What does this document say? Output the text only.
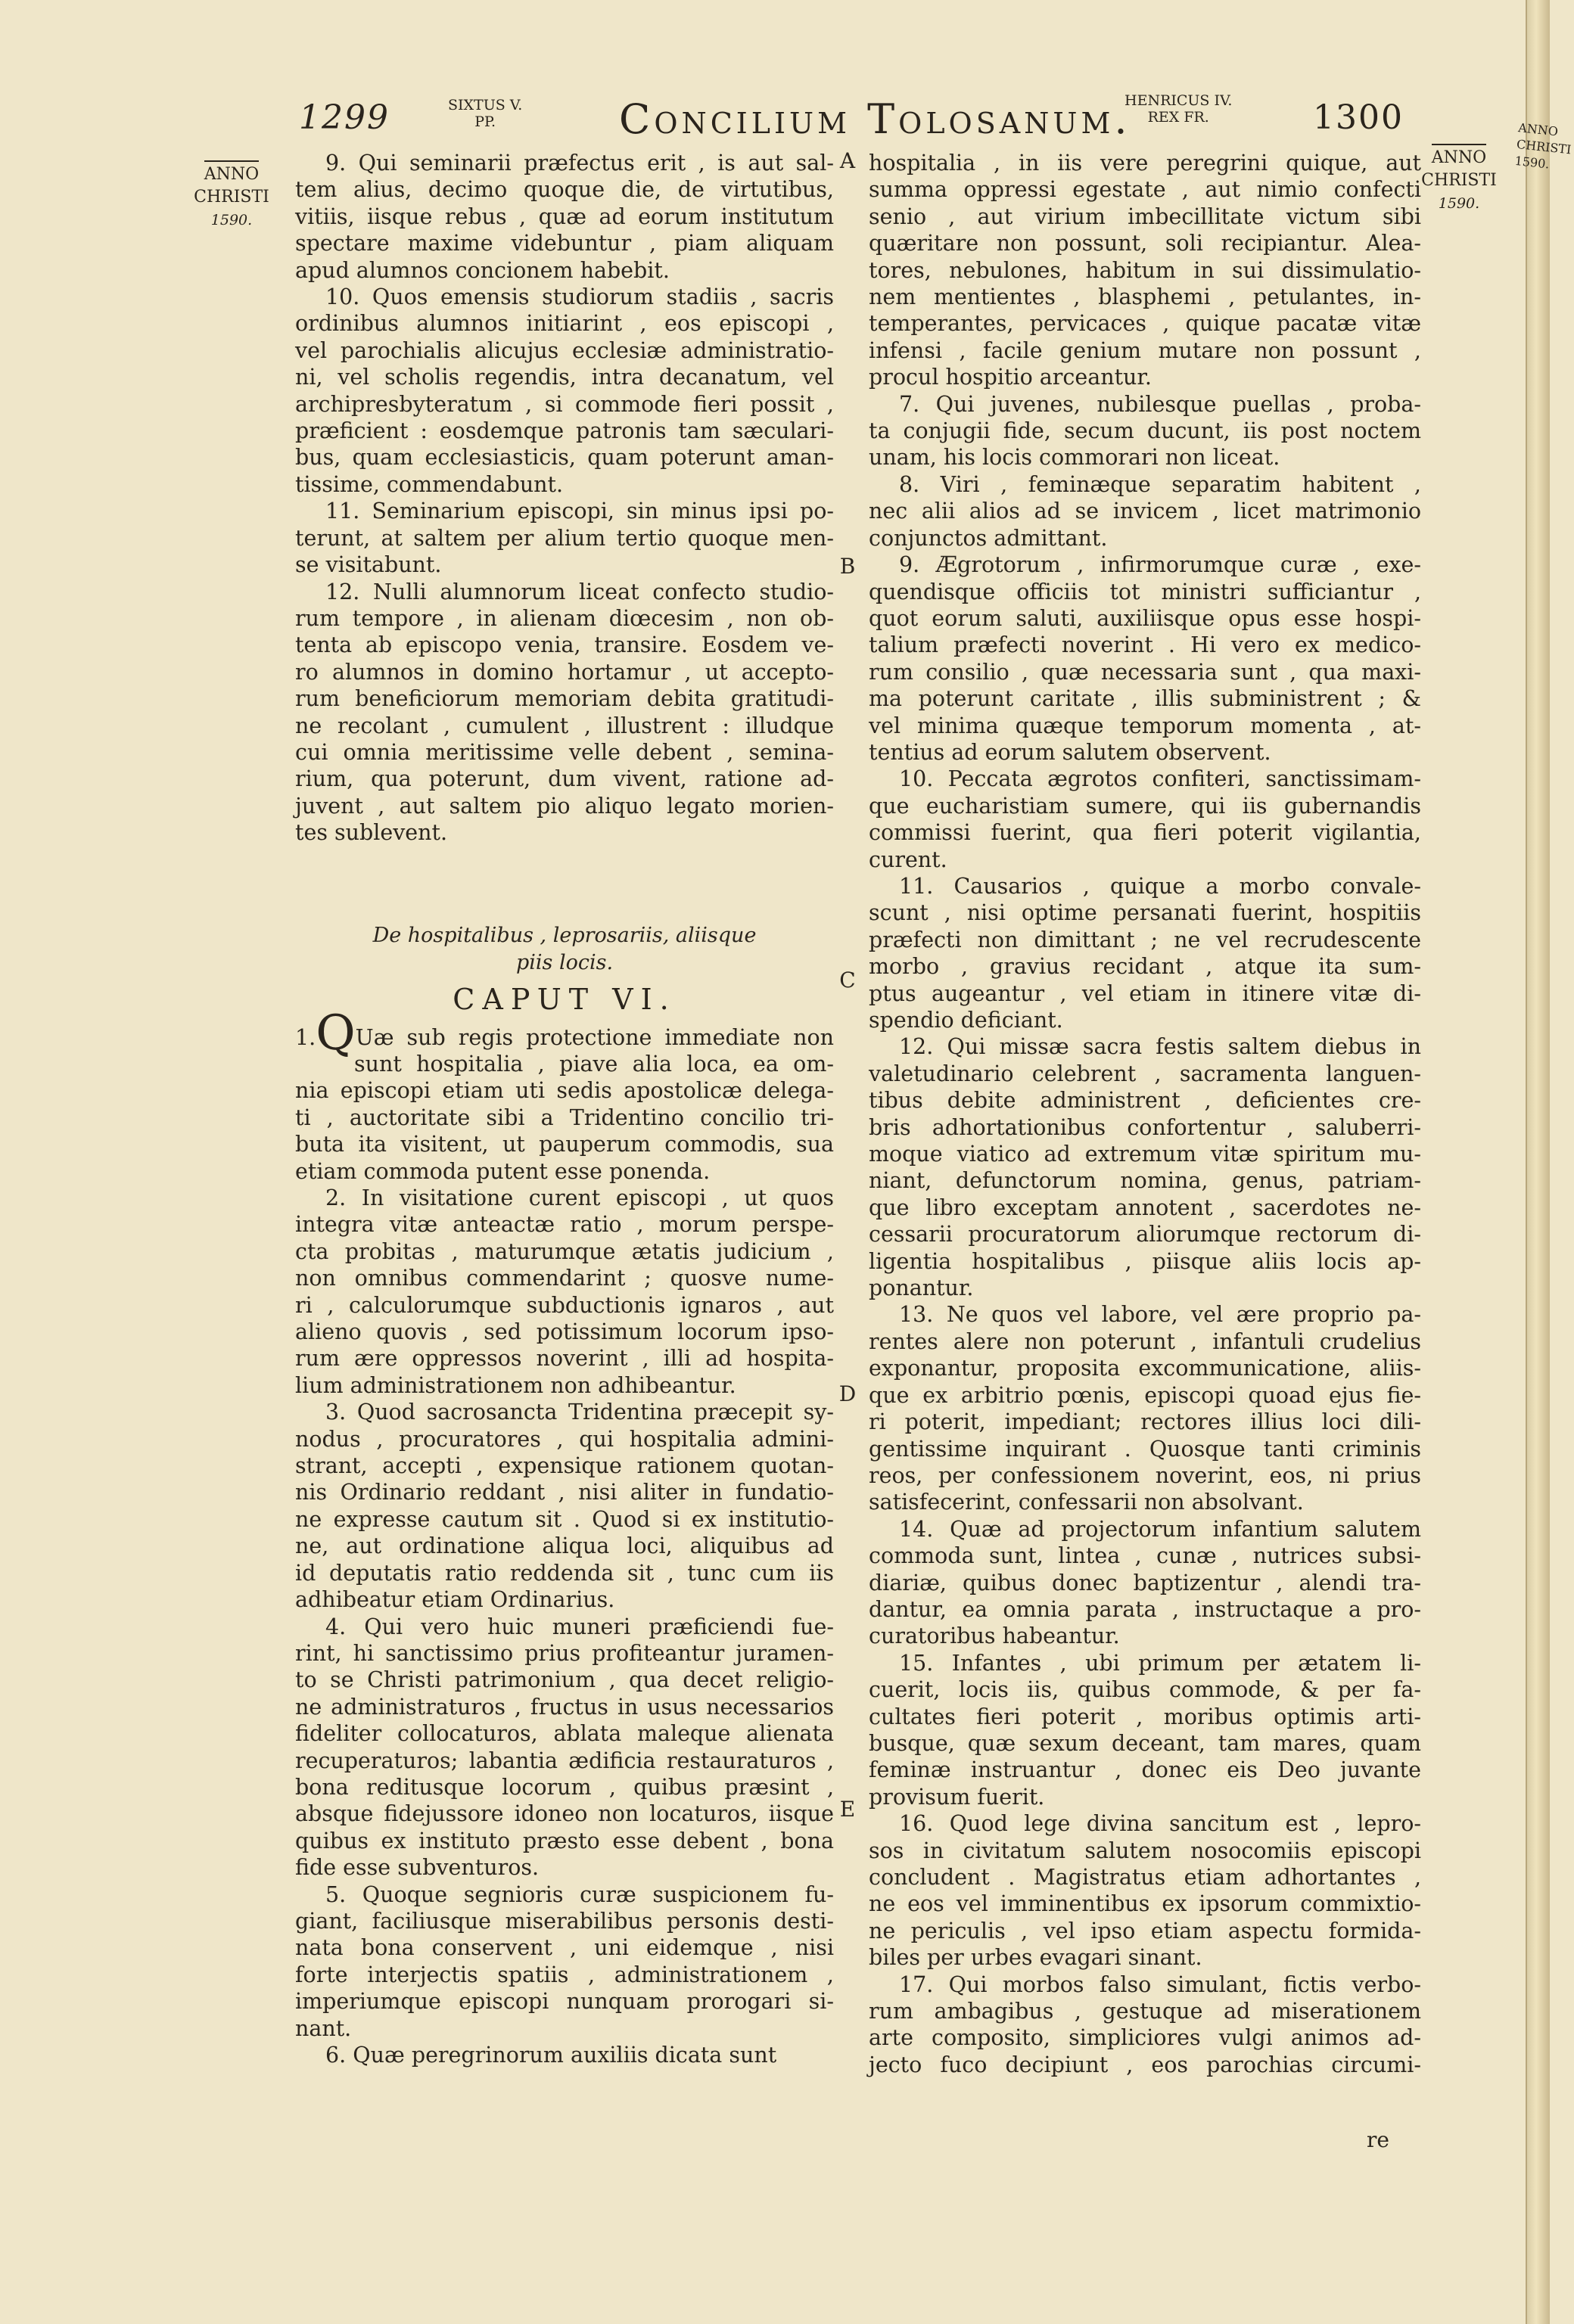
1299	SIXTUS V.
PP.	Concilium Tolosanum.
HENRICUS IV.
REX FR.	1300
ANNO
CHRISTI
1590.
ANNO
CHRISTI
1590.
ANNO
CHRISTI
1590.
A
B
C
D
E

9. Qui seminarii præfectus erit , is aut sal-
tem alius, decimo quoque die, de virtutibus,
vitiis, iisque rebus , quæ ad eorum institutum
spectare maxime videbuntur , piam aliquam
apud alumnos concionem habebit.

10. Quos emensis studiorum stadiis , sacris
ordinibus alumnos initiarint , eos episcopi ,
vel parochialis alicujus ecclesiæ administratio-
ni, vel scholis regendis, intra decanatum, vel
archipresbyteratum , si commode fieri possit ,
præficient : eosdemque patronis tam sæculari-
bus, quam ecclesiasticis, quam poterunt aman-
tissime, commendabunt.

11. Seminarium episcopi, sin minus ipsi po-
terunt, at saltem per alium tertio quoque men-
se visitabunt.

12. Nulli alumnorum liceat confecto studio-
rum tempore , in alienam diœcesim , non ob-
tenta ab episcopo venia, transire. Eosdem ve-
ro alumnos in domino hortamur , ut accepto-
rum beneficiorum memoriam debita gratitudi-
ne recolant , cumulent , illustrent : illudque
cui omnia meritissime velle debent , semina-
rium, qua poterunt, dum vivent, ratione ad-
juvent , aut saltem pio aliquo legato morien-
tes sublevent.

De hospitalibus , leprosariis, aliisque
piis locis.
CAPUT VI.

1.QUæ sub regis protectione immediate non
sunt hospitalia , piave alia loca, ea om-
nia episcopi etiam uti sedis apostolicæ delega-
ti , auctoritate sibi a Tridentino concilio tri-
buta ita visitent, ut pauperum commodis, sua
etiam commoda putent esse ponenda.

2. In visitatione curent episcopi , ut quos
integra vitæ anteactæ ratio , morum perspe-
cta probitas , maturumque ætatis judicium ,
non omnibus commendarint ; quosve nume-
ri , calculorumque subductionis ignaros , aut
alieno quovis , sed potissimum locorum ipso-
rum ære oppressos noverint , illi ad hospita-
lium administrationem non adhibeantur.

3. Quod sacrosancta Tridentina præcepit sy-
nodus , procuratores , qui hospitalia admini-
strant, accepti , expensique rationem quotan-
nis Ordinario reddant , nisi aliter in fundatio-
ne expresse cautum sit . Quod si ex institutio-
ne, aut ordinatione aliqua loci, aliquibus ad
id deputatis ratio reddenda sit , tunc cum iis
adhibeatur etiam Ordinarius.

4. Qui vero huic muneri præficiendi fue-
rint, hi sanctissimo prius profiteantur juramen-
to se Christi patrimonium , qua decet religio-
ne administraturos , fructus in usus necessarios
fideliter collocaturos, ablata maleque alienata
recuperaturos; labantia ædificia restauraturos ,
bona reditusque locorum , quibus præsint ,
absque fidejussore idoneo non locaturos, iisque
quibus ex instituto præsto esse debent , bona
fide esse subventuros.

5. Quoque segnioris curæ suspicionem fu-
giant, faciliusque miserabilibus personis desti-
nata bona conservent , uni eidemque , nisi
forte interjectis spatiis , administrationem ,
imperiumque episcopi nunquam prorogari si-
nant.

6. Quæ peregrinorum auxiliis dicata sunt

hospitalia , in iis vere peregrini quique, aut
summa oppressi egestate , aut nimio confecti
senio , aut virium imbecillitate victum sibi
quæritare non possunt, soli recipiantur. Alea-
tores, nebulones, habitum in sui dissimulatio-
nem mentientes , blasphemi , petulantes, in-
temperantes, pervicaces , quique pacatæ vitæ
infensi , facile genium mutare non possunt ,
procul hospitio arceantur.

7. Qui juvenes, nubilesque puellas , proba-
ta conjugii fide, secum ducunt, iis post noctem
unam, his locis commorari non liceat.

8. Viri , feminæque separatim habitent ,
nec alii alios ad se invicem , licet matrimonio
conjunctos admittant.

9. Ægrotorum , infirmorumque curæ , exe-
quendisque officiis tot ministri sufficiantur ,
quot eorum saluti, auxiliisque opus esse hospi-
talium præfecti noverint . Hi vero ex medico-
rum consilio , quæ necessaria sunt , qua maxi-
ma poterunt caritate , illis subministrent ; &
vel minima quæque temporum momenta , at-
tentius ad eorum salutem observent.

10. Peccata ægrotos confiteri, sanctissimam-
que eucharistiam sumere, qui iis gubernandis
commissi fuerint, qua fieri poterit vigilantia,
curent.

11. Causarios , quique a morbo convale-
scunt , nisi optime persanati fuerint, hospitiis
præfecti non dimittant ; ne vel recrudescente
morbo , gravius recidant , atque ita sum-
ptus augeantur , vel etiam in itinere vitæ di-
spendio deficiant.

12. Qui missæ sacra festis saltem diebus in
valetudinario celebrent , sacramenta languen-
tibus debite administrent , deficientes cre-
bris adhortationibus confortentur , saluberri-
moque viatico ad extremum vitæ spiritum mu-
niant, defunctorum nomina, genus, patriam-
que libro exceptam annotent , sacerdotes ne-
cessarii procuratorum aliorumque rectorum di-
ligentia hospitalibus , piisque aliis locis ap-
ponantur.

13. Ne quos vel labore, vel ære proprio pa-
rentes alere non poterunt , infantuli crudelius
exponantur, proposita excommunicatione, aliis-
que ex arbitrio pœnis, episcopi quoad ejus fie-
ri poterit, impediant; rectores illius loci dili-
gentissime inquirant . Quosque tanti criminis
reos, per confessionem noverint, eos, ni prius
satisfecerint, confessarii non absolvant.

14. Quæ ad projectorum infantium salutem
commoda sunt, lintea , cunæ , nutrices subsi-
diariæ, quibus donec baptizentur , alendi tra-
dantur, ea omnia parata , instructaque a pro-
curatoribus habeantur.

15. Infantes , ubi primum per ætatem li-
cuerit, locis iis, quibus commode, & per fa-
cultates fieri poterit , moribus optimis arti-
busque, quæ sexum deceant, tam mares, quam
feminæ instruantur , donec eis Deo juvante
provisum fuerit.

16. Quod lege divina sancitum est , lepro-
sos in civitatum salutem nosocomiis episcopi
concludent . Magistratus etiam adhortantes ,
ne eos vel imminentibus ex ipsorum commixtio-
ne periculis , vel ipso etiam aspectu formida-
biles per urbes evagari sinant.

17. Qui morbos falso simulant, fictis verbo-
rum ambagibus , gestuque ad miserationem
arte composito, simpliciores vulgi animos ad-
jecto fuco decipiunt , eos parochias circumi-

re
